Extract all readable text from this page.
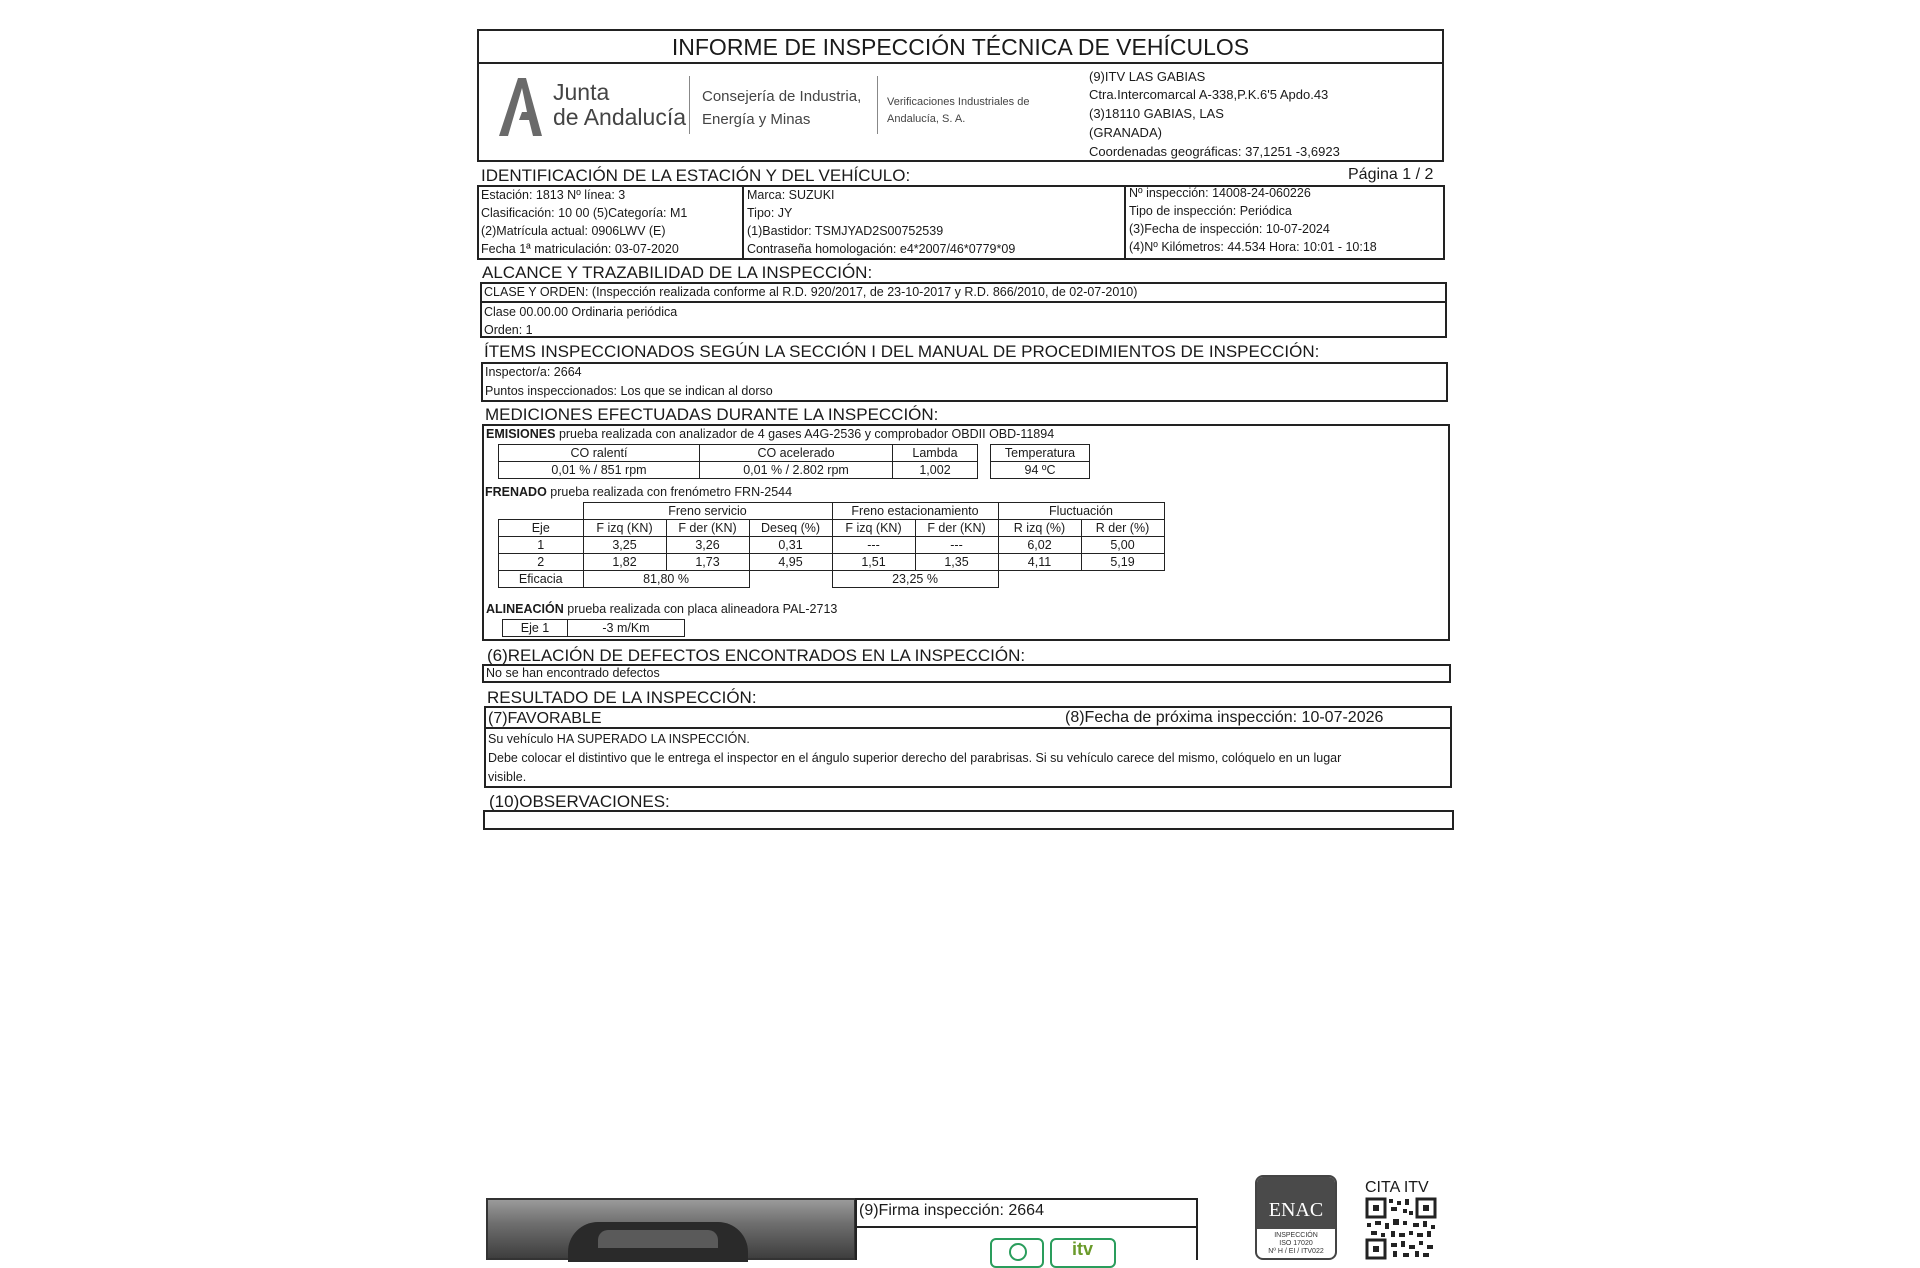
INFORME DE INSPECCIÓN TÉCNICA DE VEHÍCULOS
Junta
de Andalucía
Consejería de Industria,
Energía y Minas
Verificaciones Industriales de
Andalucía, S. A.
(9)ITV LAS GABIAS
Ctra.Intercomarcal A-338,P.K.6'5 Apdo.43
(3)18110 GABIAS, LAS
(GRANADA)
Coordenadas geográficas: 37,1251 -3,6923
IDENTIFICACIÓN DE LA ESTACIÓN Y DEL VEHÍCULO:	Página 1 / 2
Estación: 1813 Nº línea: 3
Clasificación: 10 00 (5)Categoría: M1
(2)Matrícula actual: 0906LWV (E)
Fecha 1ª matriculación: 03-07-2020
Marca: SUZUKI
Tipo: JY
(1)Bastidor: TSMJYAD2S00752539
Contraseña homologación: e4*2007/46*0779*09
Nº inspección: 14008-24-060226
Tipo de inspección: Periódica
(3)Fecha de inspección: 10-07-2024
(4)Nº Kilómetros: 44.534 Hora: 10:01 - 10:18
ALCANCE Y TRAZABILIDAD DE LA INSPECCIÓN:
CLASE Y ORDEN: (Inspección realizada conforme al R.D. 920/2017, de 23-10-2017 y R.D. 866/2010, de 02-07-2010)
Clase 00.00.00 Ordinaria periódica
Orden: 1
ÍTEMS INSPECCIONADOS SEGÚN LA SECCIÓN I DEL MANUAL DE PROCEDIMIENTOS DE INSPECCIÓN:
Inspector/a: 2664
Puntos inspeccionados: Los que se indican al dorso
MEDICIONES EFECTUADAS DURANTE LA INSPECCIÓN:
EMISIONES prueba realizada con analizador de 4 gases A4G-2536 y comprobador OBDII OBD-11894
CO ralentí	CO acelerado	Lambda		Temperatura
0,01 % / 851 rpm	0,01 % / 2.802 rpm	1,002		94 ºC
FRENADO prueba realizada con frenómetro FRN-2544
	Freno servicio			Freno estacionamiento		Fluctuación	
Eje	F izq (KN)	F der (KN)	Deseq (%)	F izq (KN)	F der (KN)	R izq (%)	R der (%)
1	3,25	3,26	0,31	---	---	6,02	5,00
2	1,82	1,73	4,95	1,51	1,35	4,11	5,19
Eficacia	81,80 %			23,25 %			
ALINEACIÓN prueba realizada con placa alineadora PAL-2713
Eje 1	-3 m/Km
(6)RELACIÓN DE DEFECTOS ENCONTRADOS EN LA INSPECCIÓN:
No se han encontrado defectos
RESULTADO DE LA INSPECCIÓN:
(7)FAVORABLE	(8)Fecha de próxima inspección: 10-07-2026
Su vehículo HA SUPERADO LA INSPECCIÓN.
Debe colocar el distintivo que le entrega el inspector en el ángulo superior derecho del parabrisas. Si su vehículo carece del mismo, colóquelo en un lugar
visible.
(10)OBSERVACIONES:
(9)Firma inspección: 2664
itv
ENAC
INSPECCIÓN
ISO 17020
Nº H / EI / ITV022
CITA ITV
